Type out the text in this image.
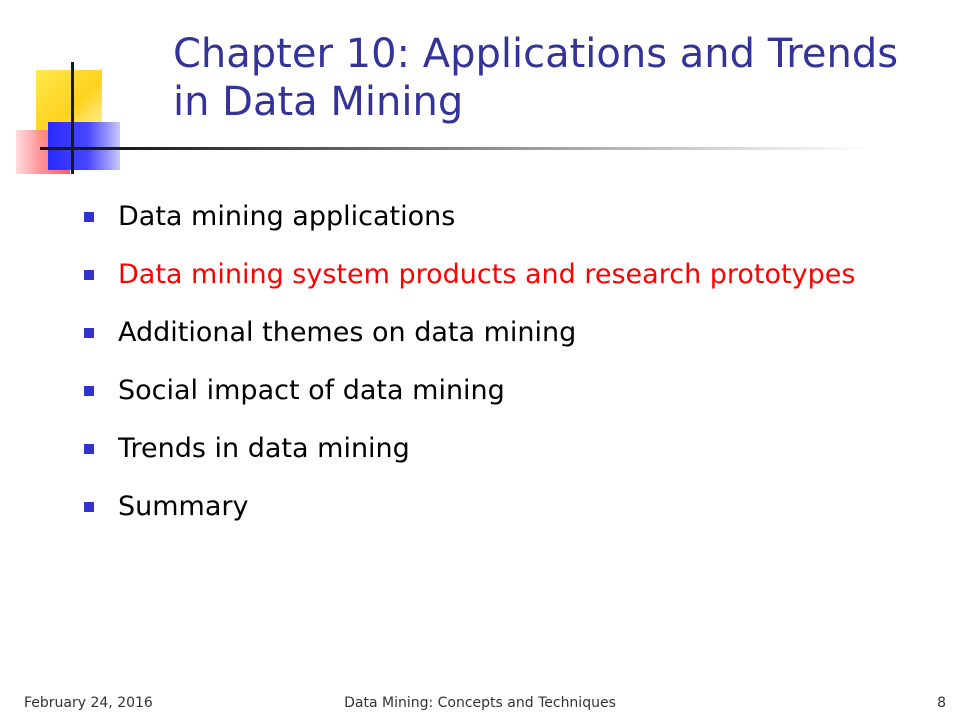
Chapter 10: Applications and Trends in Data Mining
Data mining applications
Data mining system products and research prototypes
Additional themes on data mining
Social impact of data mining
Trends in data mining
Summary
Data Mining: Concepts and Techniques
February 24, 2016	8
